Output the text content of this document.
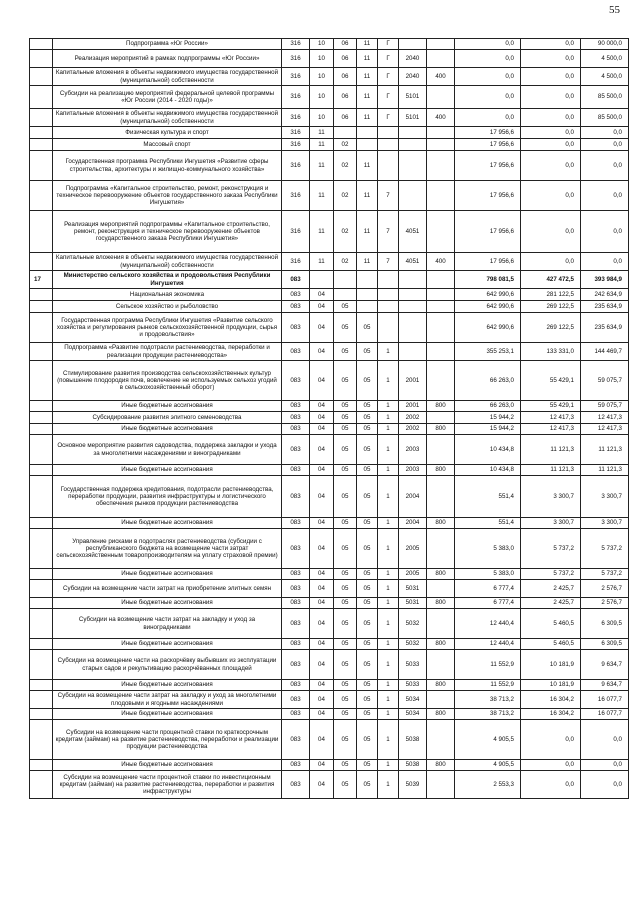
55
	Подпрограмма «Юг России»	316	10	06	11	Г			0,0	0,0	90 000,0
	Реализация мероприятий в рамках подпрограммы «Юг России»	316	10	06	11	Г	2040		0,0	0,0	4 500,0
	Капитальные вложения в объекты недвижимого имущества государственной (муниципальной) собственности	316	10	06	11	Г	2040	400	0,0	0,0	4 500,0
	Субсидии на реализацию мероприятий федеральной целевой программы «Юг России (2014 - 2020 годы)»	316	10	06	11	Г	5101		0,0	0,0	85 500,0
	Капитальные вложения в объекты недвижимого имущества государственной (муниципальной) собственности	316	10	06	11	Г	5101	400	0,0	0,0	85 500,0
	Физическая культура и спорт	316	11						17 956,6	0,0	0,0
	Массовый спорт	316	11	02					17 956,6	0,0	0,0
	Государственная программа Республики Ингушетия «Развитие сферы строительства, архитектуры и жилищно-коммунального хозяйства»	316	11	02	11				17 956,6	0,0	0,0
	Подпрограмма «Капитальное строительство, ремонт, реконструкция и техническое перевооружение объектов государственного заказа Республики Ингушетия»	316	11	02	11	7			17 956,6	0,0	0,0
	Реализация мероприятий подпрограммы «Капитальное строительство, ремонт, реконструкция и техническое перевооружение объектов государственного заказа Республики Ингушетия»	316	11	02	11	7	4051		17 956,6	0,0	0,0
	Капитальные вложения в объекты недвижимого имущества государственной (муниципальной) собственности	316	11	02	11	7	4051	400	17 956,6	0,0	0,0
17	Министерство сельского хозяйства и продовольствия Республики Ингушетия	083							798 081,5	427 472,5	393 984,9
	Национальная экономика	083	04						642 990,6	281 122,5	242 634,9
	Сельское хозяйство и рыболовство	083	04	05					642 990,6	269 122,5	235 634,9
	Государственная программа Республики Ингушетия «Развитие сельского хозяйства и регулирования рынков сельскохозяйственной продукции, сырья и продовольствия»	083	04	05	05				642 990,6	269 122,5	235 634,9
	Подпрограмма «Развитие подотрасли растениеводства, переработки и реализации продукции растениеводства»	083	04	05	05	1			355 253,1	133 331,0	144 469,7
	Стимулирование развития производства сельскохозяйственных культур (повышение плодородия почв, вовлечение не используемых сельхоз угодий в сельскохозяйственный оборот)	083	04	05	05	1	2001		66 263,0	55 429,1	59 075,7
	Иные бюджетные ассигнования	083	04	05	05	1	2001	800	66 263,0	55 429,1	59 075,7
	Субсидирование развития элитного семеноводства	083	04	05	05	1	2002		15 944,2	12 417,3	12 417,3
	Иные бюджетные ассигнования	083	04	05	05	1	2002	800	15 944,2	12 417,3	12 417,3
	Основное мероприятие развития садоводства, поддержка закладки и ухода за многолетними насаждениями и виноградниками	083	04	05	05	1	2003		10 434,8	11 121,3	11 121,3
	Иные бюджетные ассигнования	083	04	05	05	1	2003	800	10 434,8	11 121,3	11 121,3
	Государственная поддержка кредитования, подотрасли растениеводства, переработки продукции, развития инфраструктуры и логистического обеспечения рынков продукции растениеводства	083	04	05	05	1	2004		551,4	3 300,7	3 300,7
	Иные бюджетные ассигнования	083	04	05	05	1	2004	800	551,4	3 300,7	3 300,7
	Управление рисками в подотраслях растениеводства (субсидии с республиканского бюджета на возмещение части затрат сельскохозяйственным товаропроизводителям на уплату страховой премии)	083	04	05	05	1	2005		5 383,0	5 737,2	5 737,2
	Иные бюджетные ассигнования	083	04	05	05	1	2005	800	5 383,0	5 737,2	5 737,2
	Субсидии на возмещение части затрат на приобретение элитных семян	083	04	05	05	1	5031		6 777,4	2 425,7	2 576,7
	Иные бюджетные ассигнования	083	04	05	05	1	5031	800	6 777,4	2 425,7	2 576,7
	Субсидии на возмещение части затрат на закладку и уход за виноградниками	083	04	05	05	1	5032		12 440,4	5 460,5	6 309,5
	Иные бюджетные ассигнования	083	04	05	05	1	5032	800	12 440,4	5 460,5	6 309,5
	Субсидии на возмещение части на раскорчёвку выбывших из эксплуатации старых садов и рекультивацию раскорчёванных площадей	083	04	05	05	1	5033		11 552,9	10 181,9	9 634,7
	Иные бюджетные ассигнования	083	04	05	05	1	5033	800	11 552,9	10 181,9	9 634,7
	Субсидии на возмещение части затрат на закладку и уход за многолетними плодовыми и ягодными насаждениями	083	04	05	05	1	5034		38 713,2	16 304,2	16 077,7
	Иные бюджетные ассигнования	083	04	05	05	1	5034	800	38 713,2	16 304,2	16 077,7
	Субсидии на возмещение части процентной ставки по краткосрочным кредитам (займам) на развитие растениеводства, переработки и реализации продукции растениеводства	083	04	05	05	1	5038		4 905,5	0,0	0,0
	Иные бюджетные ассигнования	083	04	05	05	1	5038	800	4 905,5	0,0	0,0
	Субсидии на возмещение части процентной ставки по инвестиционным кредитам (займам) на развитие растениеводства, переработки и развития инфраструктуры	083	04	05	05	1	5039		2 553,3	0,0	0,0
